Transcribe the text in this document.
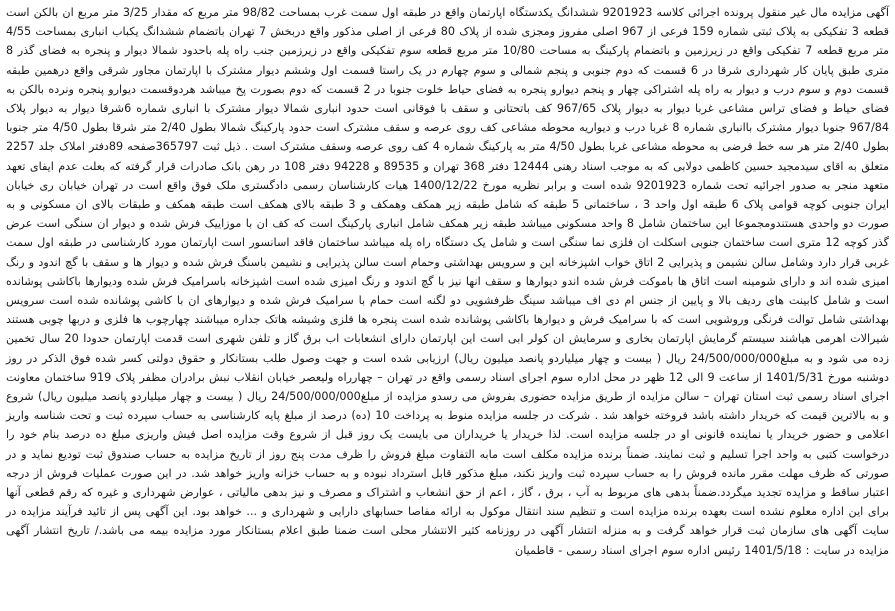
آگهی مزایده مال غیر منقول پرونده اجرائی کلاسه 9201923 ششدانگ یکدستگاه اپارتمان واقع در طبقه اول سمت غرب بمساحت 98/82 متر مربع که مقدار 3/25 متر مربع ان بالکن است قطعه 3 تفکیکی به پلاک ثبتی شماره 159 فرعی از 967 اصلی مفروز ومجزی شده از پلاک 80 فرعی از اصلی مذکور واقع دربخش 7 تهران باتضمام ششدانگ یکباب انباری بمساحت 4/55 متر مربع قطعه 7 تفکیکی واقع در زیرزمین و باتضمام پارکینگ به مساحت 10/80 متر مربع قطعه سوم تفکیکی واقع در زیرزمین جنب راه پله باحدود شمالا دیوار و پنجره به فضای گذر 8 متری طبق پایان کار شهرداری شرقا در 6 قسمت که دوم جنوبی و پنجم شمالی و سوم چهارم در یک راستا قسمت اول وششم دیوار مشترک با اپارتمان مجاور شرقی واقع درهمین طبقه قسمت دوم و سوم درب و دیوار به راه پله اشتراکی چهار و پنجم دیوارو پنجره به فضای حیاط خلوت جنوبا در 2 قسمت که دوم بصورت پخ میباشد هردوقسمت دیوارو پنجره ونرده بالکن به فضای حیاط و فضای تراس مشاعی غربا دیوار به دیوار پلاک 967/65 کف باتحتانی و سقف با فوقانی است حدود انباری شمالا دیوار مشترک با انباری شماره 6شرقا دیوار به دیوار پلاک 967/84 جنوبا دیوار مشترک باانباری شماره 8 غربا درب و دیواریه محوطه مشاعی کف روی عرصه و سقف مشترک است حدود پارکینگ شمالا بطول 2/40 متر شرقا بطول 4/50 متر جنوبا بطول 2/40 متر هر سه خط فرضی به محوطه مشاعی غربا بطول 4/50 متر به پارکینگ شماره 4 کف روی عرصه وسقف مشترک است . ذیل ثبت 365797صفحه 89دفتر املاک جلد 2257 متعلق به اقای سیدمجید حسین کاظمی دولابی که به موجب اسناد رهنی 12444 دفتر 368 تهران و 89535 و 94228 دفتر 108 در رهن بانک صادرات قرار گرفته که بعلت عدم ایفای تعهد متعهد منجر به صدور اجرائیه تحت شماره 9201923 شده است و برابر نظریه مورخ 1400/12/22 هیات کارشناسان رسمی دادگستری ملک فوق واقع است در تهران خیابان ری خیابان ایران جنوبی کوچه قوامی پلاک 6 طبقه اول واحد 3 ، ساختمانی 5 طبقه که شامل طبقه زیر همکف وهمکف و 3 طبقه بالای همکف است طبقه همکف و طبقات بالای ان مسکونی و به صورت دو واحدی هستندومجموعا این ساختمان شامل 8 واحد مسکونی میباشد طبقه زیر همکف شامل انباری پارکینگ است که کف ان با موزاییک فرش شده و دیوار ان سنگی است عرض گذر کوچه 12 متری است ساختمان جنوبی اسکلت ان فلزی نما سنگی است و شامل یک دستگاه راه پله میباشد ساختمان فاقد اسانسور است اپارتمان مورد کارشناسی در طبقه اول سمت غربی قرار دارد وشامل سالن نشیمن و پذیرایی 2 اتاق خواب اشپزخانه این و سرویس بهداشتی وحمام است سالن پذیرایی و نشیمن باسنگ فرش شده و دیوار ها و سقف با گچ اندود و رنگ امیزی شده اند و دارای شومینه است اتاق ها باموکت فرش شده اندو دیوارها و سقف انها نیز با گچ اندود و رنگ امیزی شده است اشپزخانه باسرامیک فرش شده ودیوارها باکاشی پوشانده است و شامل کابینت های ردیف بالا و پایین از جنس ام دی اف میباشد سینگ ظرفشویی دو لگنه است حمام با سرامیک فرش شده و دیوارهای ان با کاشی پوشانده شده است سرویس بهداشتی شامل توالت فرنگی وروشویی است که با سرامیک فرش و دیوارها باکاشی پوشانده شده است پنجره ها فلزی وشیشه هاتک جداره میباشند چهارچوب ها فلزی و دربها چوبی هستند شیرالات اهرمی هیاشند سیستم گرمایش اپارتمان بخاری و سرمایش ان کولر ابی است این اپارتمان دارای انشعابات اب برق گاز و تلفن شهری است قدمت اپارتمان حدودا 20 سال تخمین زده می شود و به مبلغ24/500/000/000 ریال ( بیست و چهار میلیاردو پانصد میلیون ریال) ارزیابی شده است و جهت وصول طلب بستانکار و حقوق دولتی کسر شده فوق الذکر در روز دوشنبه مورخ 1401/5/31 از ساعت 9 الی 12 ظهر در محل اداره سوم اجرای اسناد رسمی واقع در تهران – چهارراه ولیعصر خیابان انقلاب نبش برادران مظفر پلاک 919 ساختمان معاونت اجرای اسناد رسمی ثبت استان تهران – سالن مزایده از طریق مزایده حضوری بفروش می رسدو مزایده از مبلغ24/500/000/000 ریال ( بیست و چهار میلیاردو پانصد میلیون ریال) شروع و به بالاترین قیمت که خریدار داشته باشد فروخته خواهد شد . شرکت در جلسه مزایده منوط به پرداخت 10 (ده) درصد از مبلغ پایه کارشناسی به حساب سپرده ثبت و تحت شناسه واریز اعلامی و حضور خریدار یا نماینده قانونی او در جلسه مزایده است. لذا خریدار یا خریداران می بایست یک روز قبل از شروع وقت مزایده اصل فیش واریزی مبلغ ده درصد بنام خود را درخواست کتبی به واحد اجرا تسلیم و ثبت نمایند. ضمناً برنده مزایده مکلف است مابه التفاوت مبلغ فروش را ظرف مدت پنج روز از تاریخ مزایده به حساب صندوق ثبت تودیع نماید و در صورتی که ظرف مهلت مقرر مانده فروش را به حساب سپرده ثبت واریز نکند، مبلغ مذکور قابل استرداد نبوده و به حساب خزانه واریز خواهد شد. در این صورت عملیات فروش از درجه اعتبار ساقط و مزایده تجدید میگردد.ضمناً بدهی های مربوط به آب ، برق ، گاز ، اعم از حق انشعاب و اشتراک و مصرف و نیز بدهی مالیاتی ، عوارض شهرداری و غیره که رقم قطعی آنها برای این اداره معلوم نشده است بعهده برنده مزایده است و تنظیم سند انتقال موکول به ارائه مفاصا حسابهای دارایی و شهرداری و ... خواهد بود. این آگهی پس از تائید فرآیند مزایده در سایت آگهی های سازمان ثبت قرار خواهد گرفت و به منزله انتشار آگهی در روزنامه کثیر الانتشار محلی است ضمنا طبق اعلام بستانکار مورد مزایده بیمه می باشد./ تاریخ انتشار آگهی مزایده در سایت : 1401/5/18 رئیس اداره سوم اجرای اسناد رسمی - قاطمیان
